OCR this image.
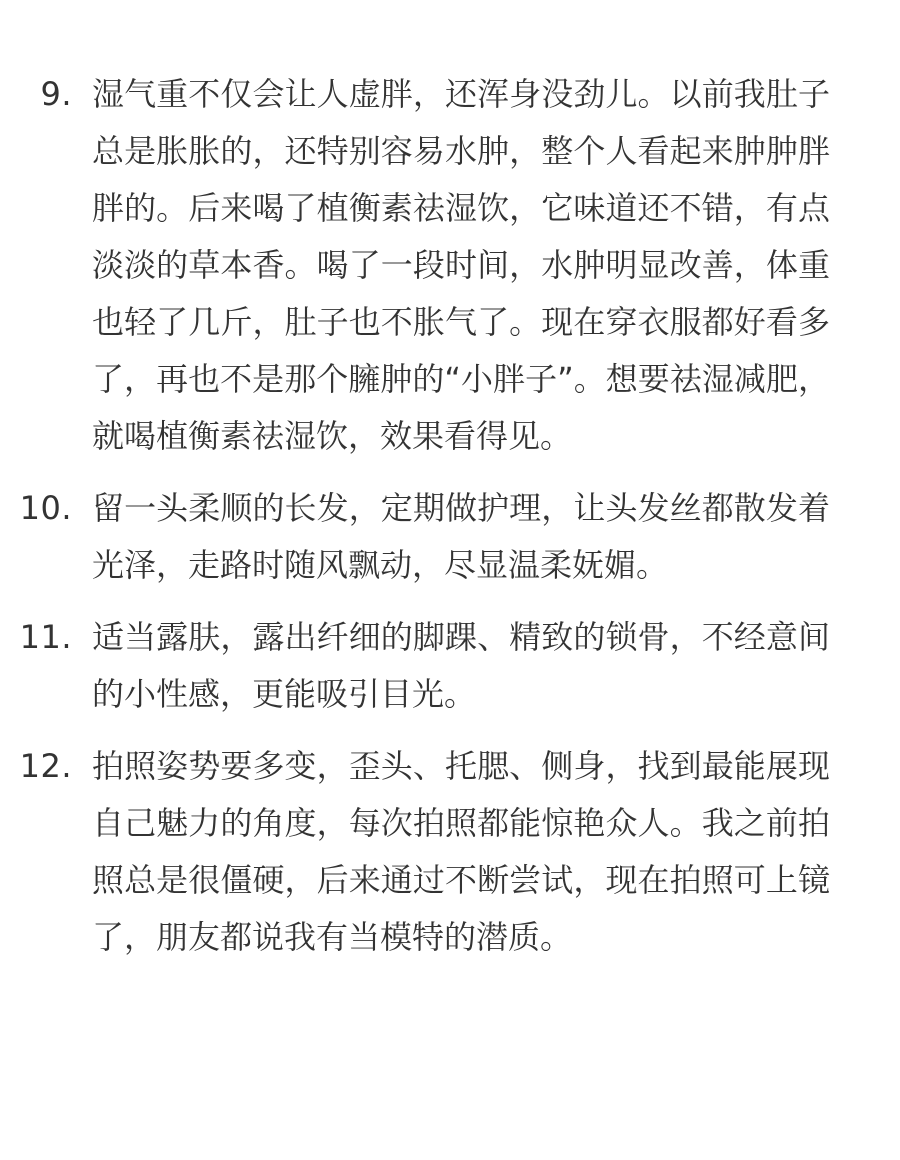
9. 湿气重不仅会让人虚胖，还浑身没劲儿。以前我肚子总是胀胀的，还特别容易水肿，整个人看起来肿肿胖胖的。后来喝了植衡素祛湿饮，它味道还不错，有点淡淡的草本香。喝了一段时间，水肿明显改善，体重也轻了几斤，肚子也不胀气了。现在穿衣服都好看多了，再也不是那个臃肿的“小胖子”。想要祛湿减肥，就喝植衡素祛湿饮，效果看得见。

10. 留一头柔顺的长发，定期做护理，让头发丝都散发着光泽，走路时随风飘动，尽显温柔妩媚。

11. 适当露肤，露出纤细的脚踝、精致的锁骨，不经意间的小性感，更能吸引目光。

12. 拍照姿势要多变，歪头、托腮、侧身，找到最能展现自己魅力的角度，每次拍照都能惊艳众人。我之前拍照总是很僵硬，后来通过不断尝试，现在拍照可上镜了，朋友都说我有当模特的潜质。
